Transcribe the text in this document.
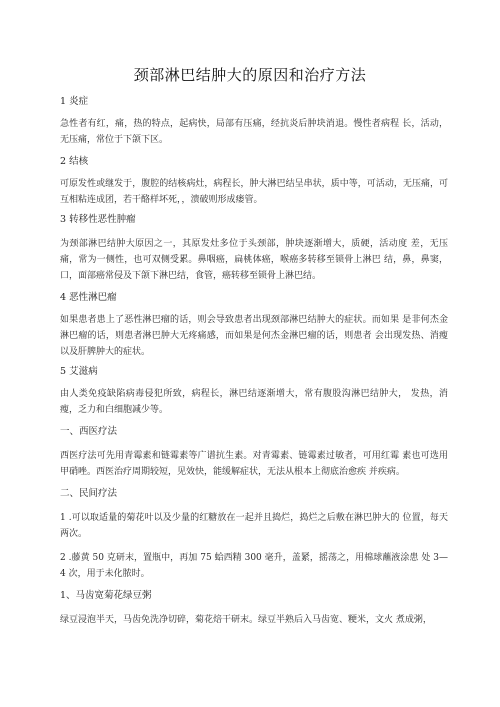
颈部淋巴结肿大的原因和治疗方法

1 炎症

急性者有红，痛，热的特点，起病快，局部有压痛，经抗炎后肿块消退。慢性者病程 长，活动，无压痛，常位于下颌下区。

2 结核

可原发性或继发于，腹腔的结核病灶，病程长，肿大淋巴结呈串状，质中等，可活动，无压痛，可互相粘连成团，若干酪样坏死，，溃破则形成瘘管。

3 转移性恶性肿瘤

为颈部淋巴结肿大原因之一，其原发灶多位于头颈部，肿块逐渐增大，质硬，活动度 差，无压痛，常为一侧性，也可双侧受累。鼻咽癌，扁桃体癌，喉癌多转移至锁骨上淋巴 结，鼻，鼻窦，口，面部癌常侵及下颌下淋巴结，食管，癌转移至锁骨上淋巴结。

4 恶性淋巴瘤

如果患者患上了恶性淋巴瘤的话，则会导致患者出现颈部淋巴结肿大的症状。而如果 是非何杰金淋巴瘤的话，则患者淋巴肿大无疼痛感，而如果是何杰金淋巴瘤的话，则患者 会出现发热、消瘦以及肝脾肿大的症状。

5 艾滋病

由人类免疫缺陷病毒侵犯所致，病程长，淋巴结逐渐增大，常有腹股沟淋巴结肿大， 发热，消瘦，乏力和白细胞减少等。

一、西医疗法

西医疗法可先用青霉素和链霉素等广谱抗生素。对青霉素、链霉素过敏者，可用红霉 素也可选用甲硝唑。西医治疗周期较短，见效快，能缓解症状，无法从根本上彻底治愈疾 并疾病。

二、民间疗法

1 .可以取适量的菊花叶以及少量的红糖放在一起并且捣烂，捣烂之后敷在淋巴肿大的 位置，每天两次。

2 .藤黄 50 克研末，置瓶中，再加 75 蛤西精 300 毫升，盖紧，摇荡之，用棉球蘸液涂患 处 3—4 次，用于未化脓时。

1、马齿宽菊花绿豆粥

绿豆浸泡半天，马齿免洗净切碎，菊花焙干研末。绿豆半熟后入马齿宽、粳米，文火 煮成粥，
